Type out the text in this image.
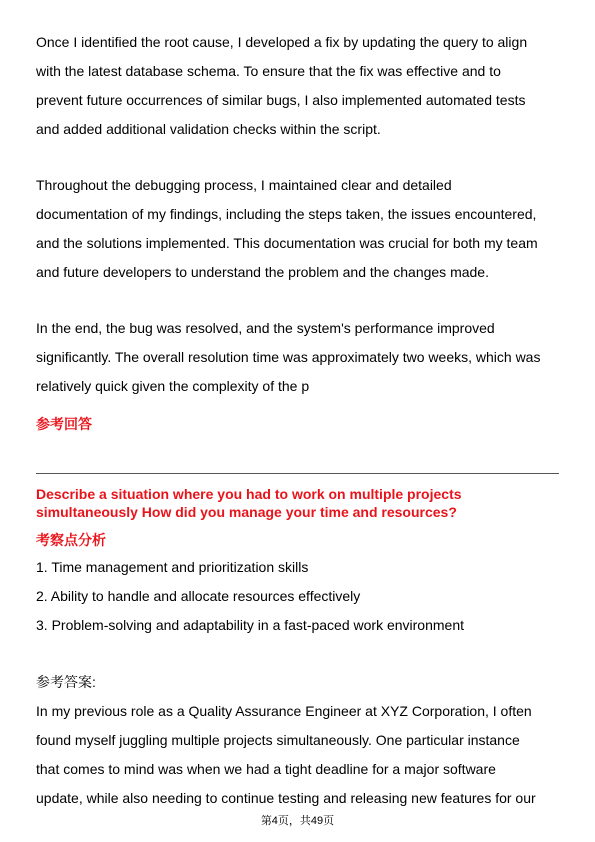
Once I identified the root cause, I developed a fix by updating the query to align
with the latest database schema. To ensure that the fix was effective and to
prevent future occurrences of similar bugs, I also implemented automated tests
and added additional validation checks within the script.
Throughout the debugging process, I maintained clear and detailed
documentation of my findings, including the steps taken, the issues encountered,
and the solutions implemented. This documentation was crucial for both my team
and future developers to understand the problem and the changes made.
In the end, the bug was resolved, and the system's performance improved
significantly. The overall resolution time was approximately two weeks, which was
relatively quick given the complexity of the p
参考回答
Describe a situation where you had to work on multiple projects
simultaneously How did you manage your time and resources?
考察点分析
1. Time management and prioritization skills
2. Ability to handle and allocate resources effectively
3. Problem-solving and adaptability in a fast-paced work environment
参考答案:
In my previous role as a Quality Assurance Engineer at XYZ Corporation, I often
found myself juggling multiple projects simultaneously. One particular instance
that comes to mind was when we had a tight deadline for a major software
update, while also needing to continue testing and releasing new features for our
第4页，共49页
